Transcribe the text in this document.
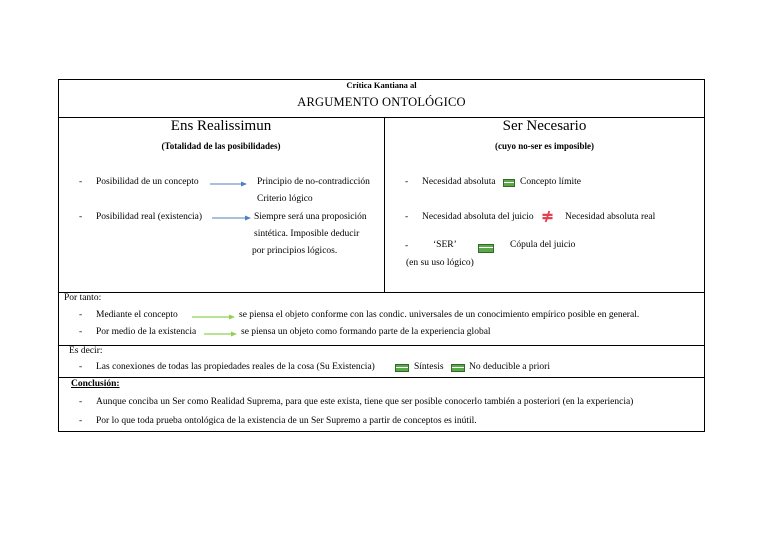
Crítica Kantiana al
ARGUMENTO ONTOLÓGICO
Ens Realissimun
(Totalidad de las posibilidades)
Ser Necesario
(cuyo no-ser es imposible)
- Posibilidad de un concepto	Principio de no-contradicción
Criterio lógico
- Posibilidad real (existencia)	Siempre será una proposición
sintética. Imposible deducir
por principios lógicos.
- Necesidad absoluta	Concepto límite
- Necesidad absoluta del juicio	Necesidad absoluta real
-	‘SER’	Cópula del juicio
(en su uso lógico)
Por tanto:
- Mediante el concepto	se piensa el objeto conforme con las condic. universales de un conocimiento empírico posible en general.
- Por medio de la existencia	se piensa un objeto como formando parte de la experiencia global
Es decir:
- Las conexiones de todas las propiedades reales de la cosa (Su Existencia)	Síntesis	No deducible a priori
Conclusión:
- Aunque conciba un Ser como Realidad Suprema, para que este exista, tiene que ser posible conocerlo también a posteriori (en la experiencia)
- Por lo que toda prueba ontológica de la existencia de un Ser Supremo a partir de conceptos es inútil.
